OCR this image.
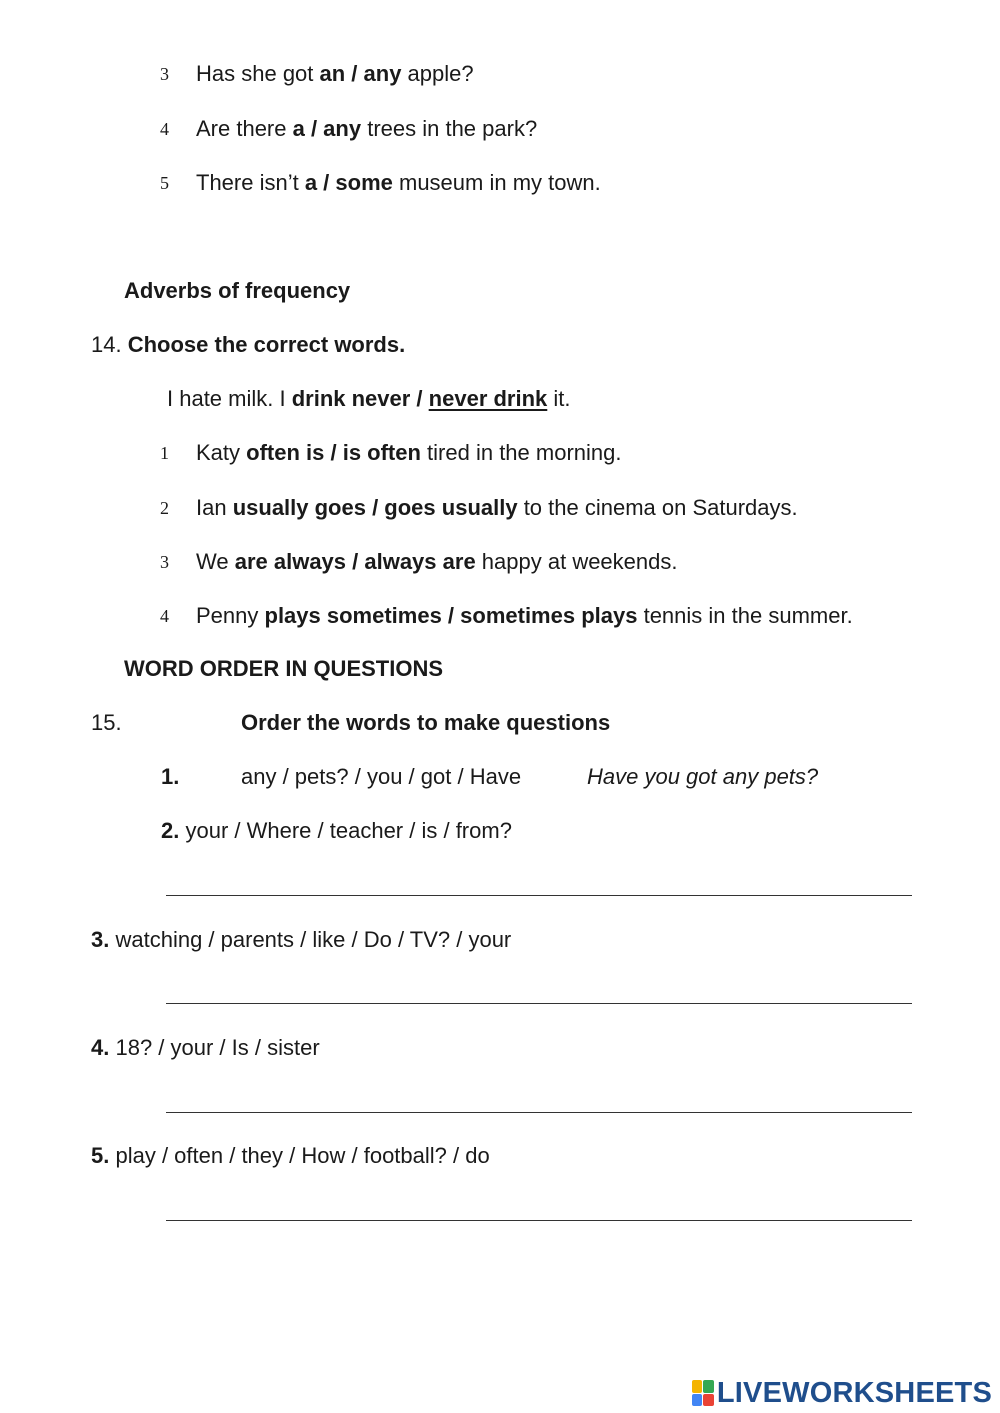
3 Has she got an / any apple?
4 Are there a / any trees in the park?
5 There isn’t a / some museum in my town.
Adverbs of frequency
14. Choose the correct words.
I hate milk. I drink never / never drink it.
1 Katy often is / is often tired in the morning.
2 Ian usually goes / goes usually to the cinema on Saturdays.
3 We are always / always are happy at weekends.
4 Penny plays sometimes / sometimes plays tennis in the summer.
WORD ORDER IN QUESTIONS
15.	Order the words to make questions
1.	any / pets? / you / got / Have	Have you got any pets?
2. your / Where / teacher / is / from?
3. watching / parents / like / Do / TV? / your
4. 18? / your / Is / sister
5. play / often / they / How / football? / do
LIVEWORKSHEETS
